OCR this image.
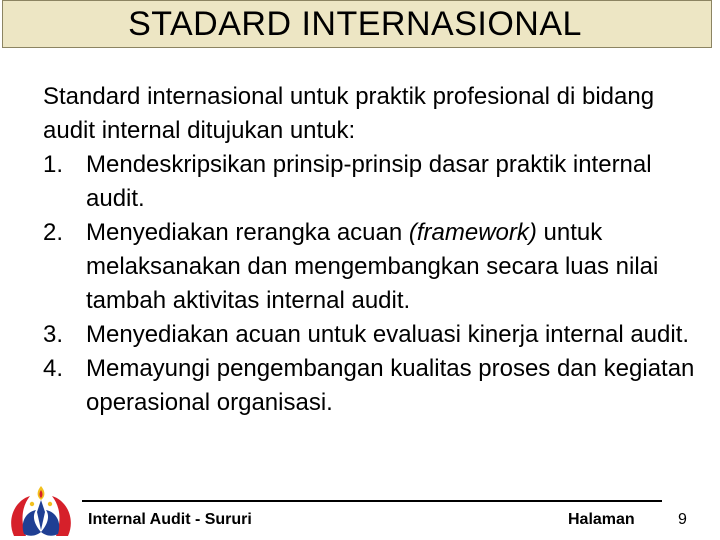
STADARD INTERNASIONAL

Standard internasional untuk praktik profesional di bidang audit internal ditujukan untuk:

1. Mendeskripsikan prinsip-prinsip dasar praktik internal audit.
2. Menyediakan rerangka acuan (framework) untuk melaksanakan dan mengembangkan secara luas nilai tambah aktivitas internal audit.
3. Menyediakan acuan untuk evaluasi kinerja internal audit.
4. Memayungi pengembangan kualitas proses dan kegiatan operasional organisasi.
Internal Audit - Sururi	Halaman	9
